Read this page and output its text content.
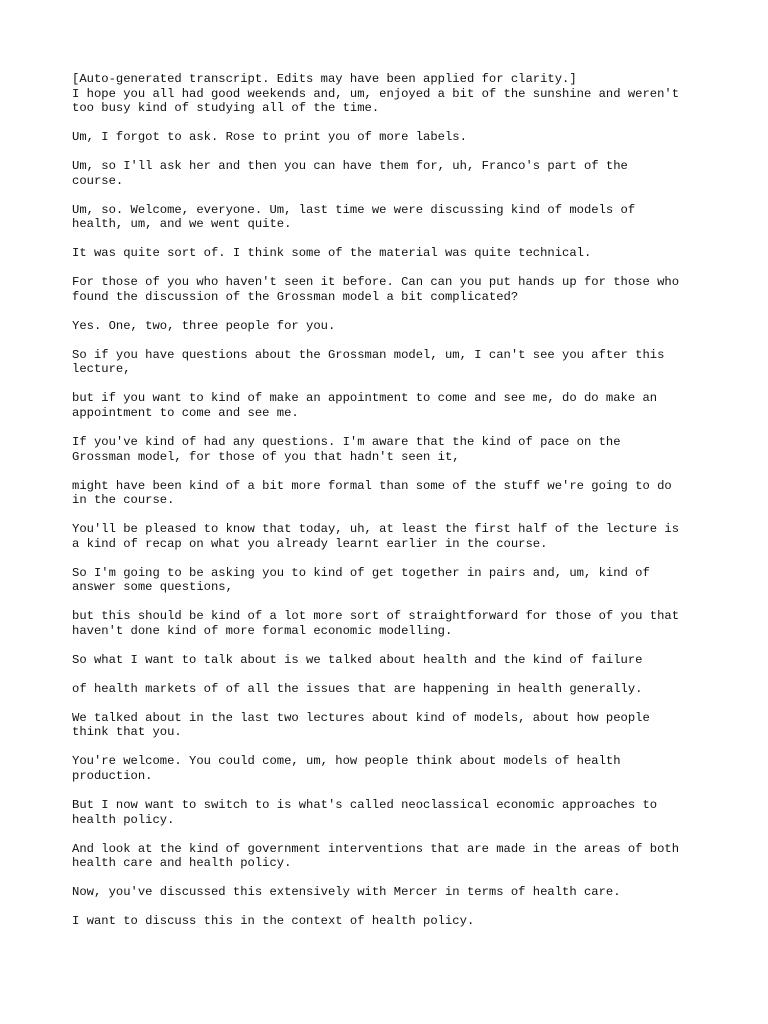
[Auto-generated transcript. Edits may have been applied for clarity.]
I hope you all had good weekends and, um, enjoyed a bit of the sunshine and weren't
too busy kind of studying all of the time.

Um, I forgot to ask. Rose to print you of more labels.

Um, so I'll ask her and then you can have them for, uh, Franco's part of the
course.

Um, so. Welcome, everyone. Um, last time we were discussing kind of models of
health, um, and we went quite.

It was quite sort of. I think some of the material was quite technical.

For those of you who haven't seen it before. Can can you put hands up for those who
found the discussion of the Grossman model a bit complicated?

Yes. One, two, three people for you.

So if you have questions about the Grossman model, um, I can't see you after this
lecture,

but if you want to kind of make an appointment to come and see me, do do make an
appointment to come and see me.

If you've kind of had any questions. I'm aware that the kind of pace on the
Grossman model, for those of you that hadn't seen it,

might have been kind of a bit more formal than some of the stuff we're going to do
in the course.

You'll be pleased to know that today, uh, at least the first half of the lecture is
a kind of recap on what you already learnt earlier in the course.

So I'm going to be asking you to kind of get together in pairs and, um, kind of
answer some questions,

but this should be kind of a lot more sort of straightforward for those of you that
haven't done kind of more formal economic modelling.

So what I want to talk about is we talked about health and the kind of failure

of health markets of of all the issues that are happening in health generally.

We talked about in the last two lectures about kind of models, about how people
think that you.

You're welcome. You could come, um, how people think about models of health
production.

But I now want to switch to is what's called neoclassical economic approaches to
health policy.

And look at the kind of government interventions that are made in the areas of both
health care and health policy.

Now, you've discussed this extensively with Mercer in terms of health care.

I want to discuss this in the context of health policy.
